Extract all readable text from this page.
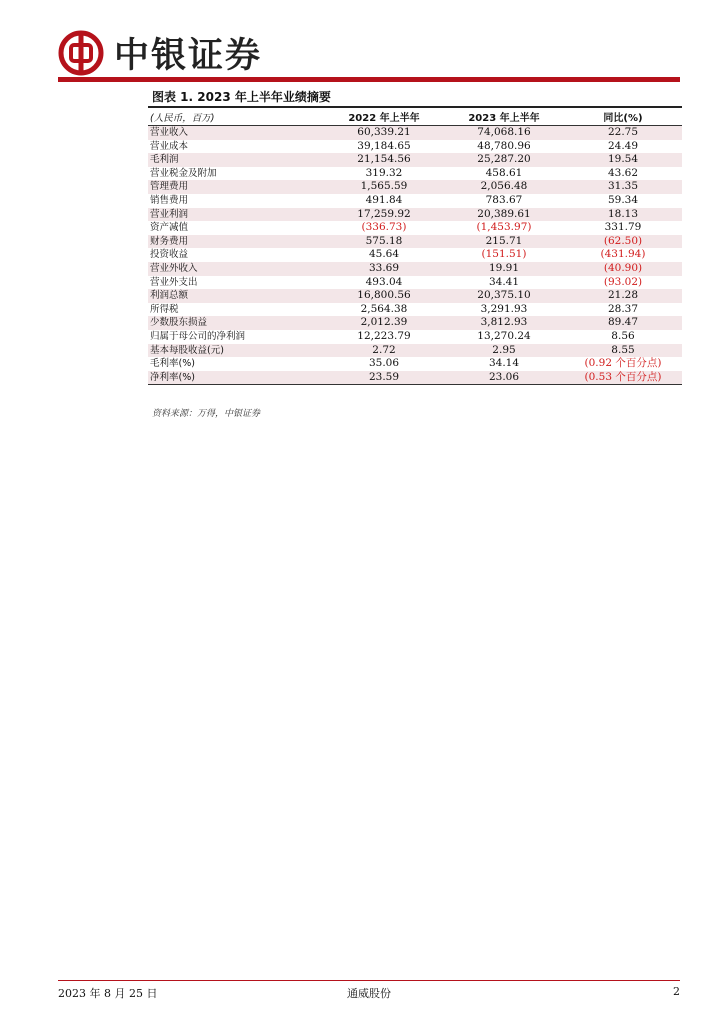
中银证券
图表 1. 2023 年上半年业绩摘要
(人民币，百万)	2022 年上半年	2023 年上半年	同比(%)
营业收入	60,339.21	74,068.16	22.75
营业成本	39,184.65	48,780.96	24.49
毛利润	21,154.56	25,287.20	19.54
营业税金及附加	319.32	458.61	43.62
管理费用	1,565.59	2,056.48	31.35
销售费用	491.84	783.67	59.34
营业利润	17,259.92	20,389.61	18.13
资产减值	(336.73)	(1,453.97)	331.79
财务费用	575.18	215.71	(62.50)
投资收益	45.64	(151.51)	(431.94)
营业外收入	33.69	19.91	(40.90)
营业外支出	493.04	34.41	(93.02)
利润总额	16,800.56	20,375.10	21.28
所得税	2,564.38	3,291.93	28.37
少数股东损益	2,012.39	3,812.93	89.47
归属于母公司的净利润	12,223.79	13,270.24	8.56
基本每股收益(元)	2.72	2.95	8.55
毛利率(%)	35.06	34.14	(0.92 个百分点)
净利率(%)	23.59	23.06	(0.53 个百分点)
资料来源：万得，中银证券
2023 年 8 月 25 日	通威股份	2
